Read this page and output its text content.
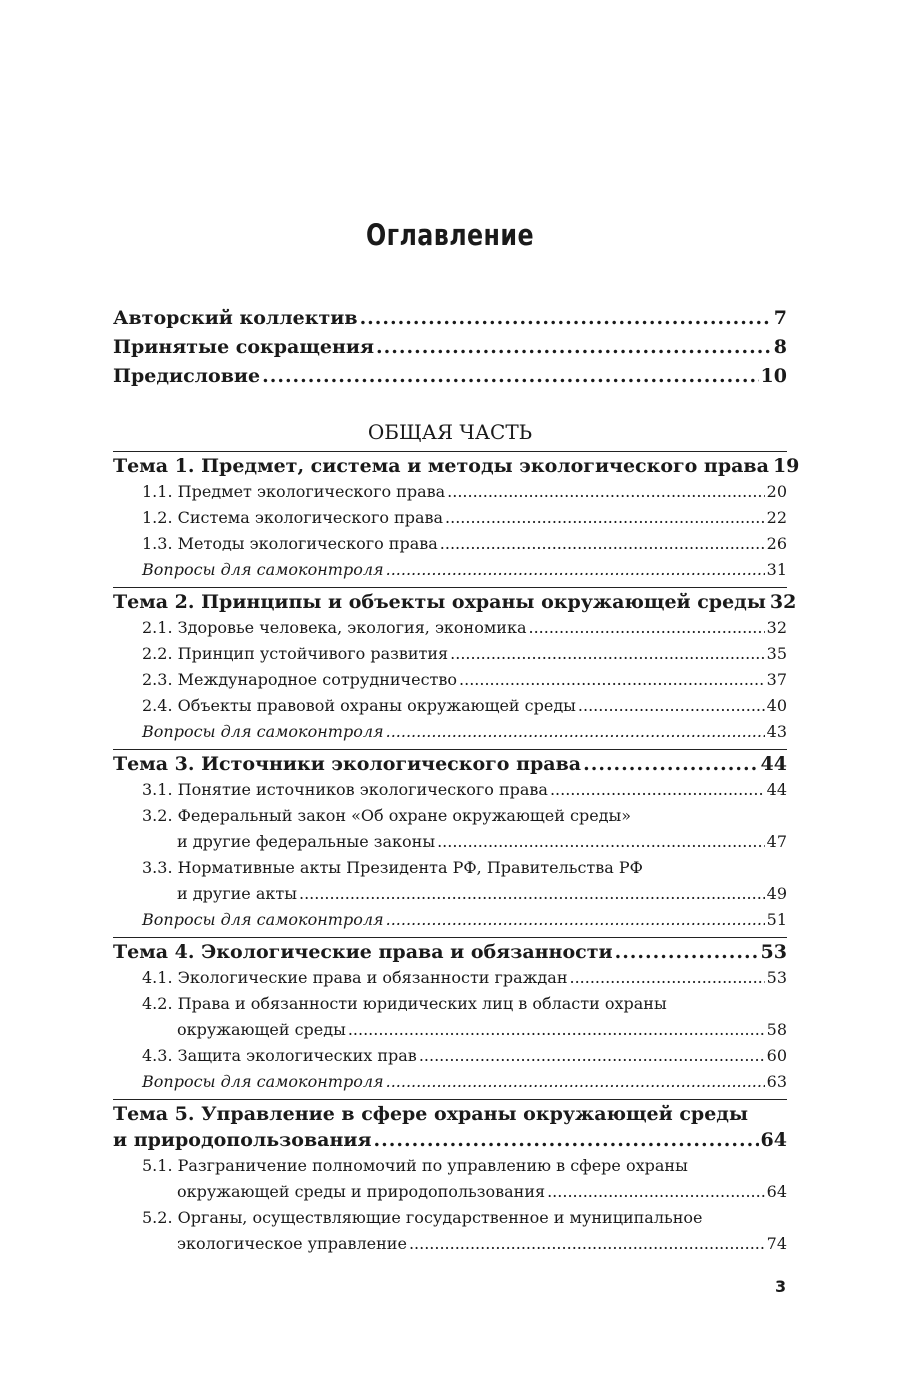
Оглавление
Авторский коллектив .....	7
Принятые сокращения .....	8
Предисловие .....	10
ОБЩАЯ ЧАСТЬ
Тема 1. Предмет, система и методы экологического права 19
1.1. Предмет экологического права .....	20
1.2. Система экологического права .....	22
1.3. Методы экологического права .....	26
Вопросы для самоконтроля .....	31
Тема 2. Принципы и объекты охраны окружающей среды 32
2.1. Здоровье человека, экология, экономика .....	32
2.2. Принцип устойчивого развития .....	35
2.3. Международное сотрудничество .....	37
2.4. Объекты правовой охраны окружающей среды .....	40
Вопросы для самоконтроля .....	43
Тема 3. Источники экологического права .....	44
3.1. Понятие источников экологического права .....	44
3.2. Федеральный закон «Об охране окружающей среды»
и другие федеральные законы .....	47
3.3. Нормативные акты Президента РФ, Правительства РФ
и другие акты .....	49
Вопросы для самоконтроля .....	51
Тема 4. Экологические права и обязанности .....	53
4.1. Экологические права и обязанности граждан .....	53
4.2. Права и обязанности юридических лиц в области охраны
окружающей среды .....	58
4.3. Защита экологических прав .....	60
Вопросы для самоконтроля .....	63
Тема 5. Управление в сфере охраны окружающей среды
и природопользования .....	64
5.1. Разграничение полномочий по управлению в сфере охраны
окружающей среды и природопользования .....	64
5.2. Органы, осуществляющие государственное и муниципальное
экологическое управление .....	74
3
